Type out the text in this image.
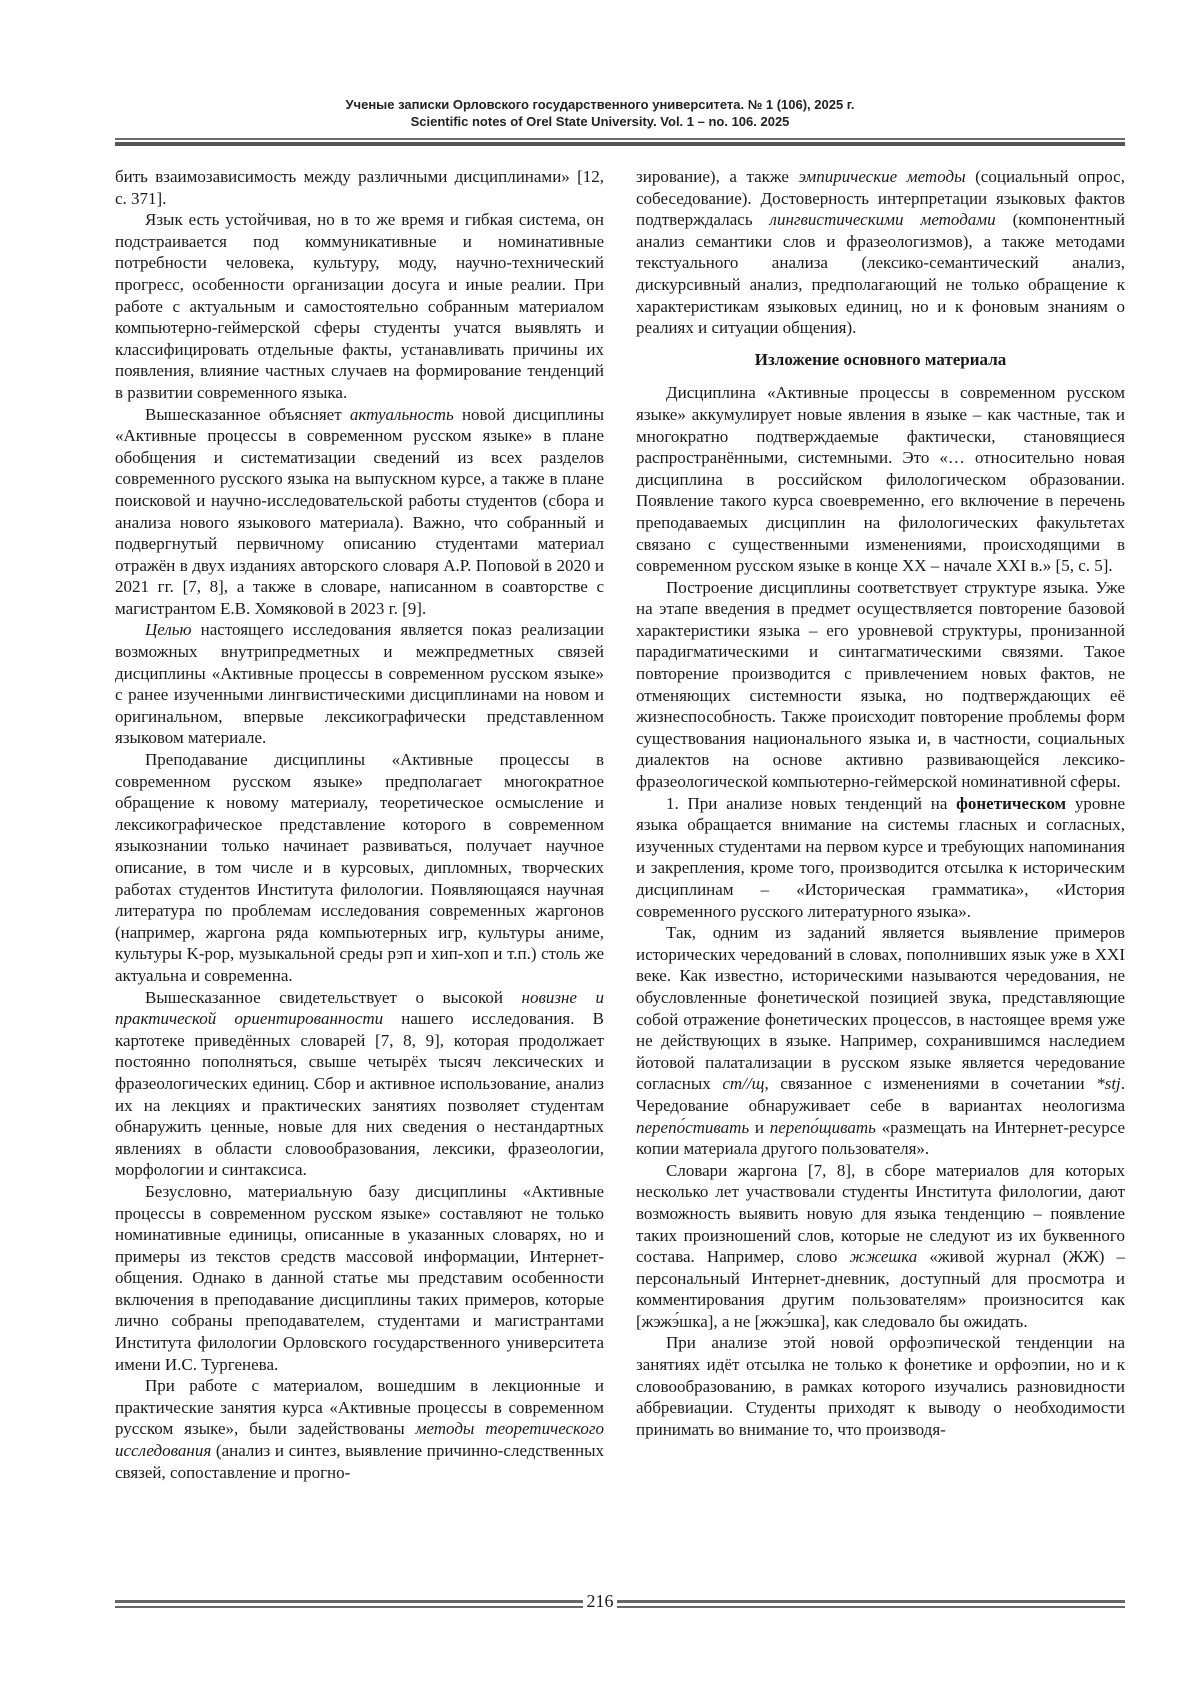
Ученые записки Орловского государственного университета. № 1 (106), 2025 г.
Scientific notes of Orel State University. Vol. 1 – no. 106. 2025

бить взаимозависимость между различными дисциплинами» [12, с. 371].

Язык есть устойчивая, но в то же время и гибкая система, он подстраивается под коммуникативные и номинативные потребности человека, культуру, моду, научно-технический прогресс, особенности организации досуга и иные реалии. При работе с актуальным и самостоятельно собранным материалом компьютерно-геймерской сферы студенты учатся выявлять и классифицировать отдельные факты, устанавливать причины их появления, влияние частных случаев на формирование тенденций в развитии современного языка.

Вышесказанное объясняет актуальность новой дисциплины «Активные процессы в современном русском языке» в плане обобщения и систематизации сведений из всех разделов современного русского языка на выпускном курсе, а также в плане поисковой и научно-исследовательской работы студентов (сбора и анализа нового языкового материала). Важно, что собранный и подвергнутый первичному описанию студентами материал отражён в двух изданиях авторского словаря А.Р. Поповой в 2020 и 2021 гг. [7, 8], а также в словаре, написанном в соавторстве с магистрантом Е.В. Хомяковой в 2023 г. [9].

Целью настоящего исследования является показ реализации возможных внутрипредметных и межпредметных связей дисциплины «Активные процессы в современном русском языке» с ранее изученными лингвистическими дисциплинами на новом и оригинальном, впервые лексикографически представленном языковом материале.

Преподавание дисциплины «Активные процессы в современном русском языке» предполагает многократное обращение к новому материалу, теоретическое осмысление и лексикографическое представление которого в современном языкознании только начинает развиваться, получает научное описание, в том числе и в курсовых, дипломных, творческих работах студентов Института филологии. Появляющаяся научная литература по проблемам исследования современных жаргонов (например, жаргона ряда компьютерных игр, культуры аниме, культуры K-pop, музыкальной среды рэп и хип-хоп и т.п.) столь же актуальна и современна.

Вышесказанное свидетельствует о высокой новизне и практической ориентированности нашего исследования. В картотеке приведённых словарей [7, 8, 9], которая продолжает постоянно пополняться, свыше четырёх тысяч лексических и фразеологических единиц. Сбор и активное использование, анализ их на лекциях и практических занятиях позволяет студентам обнаружить ценные, новые для них сведения о нестандартных явлениях в области словообразования, лексики, фразеологии, морфологии и синтаксиса.

Безусловно, материальную базу дисциплины «Активные процессы в современном русском языке» составляют не только номинативные единицы, описанные в указанных словарях, но и примеры из текстов средств массовой информации, Интернет-общения. Однако в данной статье мы представим особенности включения в преподавание дисциплины таких примеров, которые лично собраны преподавателем, студентами и магистрантами Института филологии Орловского государственного университета имени И.С. Тургенева.

При работе с материалом, вошедшим в лекционные и практические занятия курса «Активные процессы в современном русском языке», были задействованы методы теоретического исследования (анализ и синтез, выявление причинно-следственных связей, сопоставление и прогно-

зирование), а также эмпирические методы (социальный опрос, собеседование). Достоверность интерпретации языковых фактов подтверждалась лингвистическими методами (компонентный анализ семантики слов и фразеологизмов), а также методами текстуального анализа (лексико-семантический анализ, дискурсивный анализ, предполагающий не только обращение к характеристикам языковых единиц, но и к фоновым знаниям о реалиях и ситуации общения).

Изложение основного материала

Дисциплина «Активные процессы в современном русском языке» аккумулирует новые явления в языке – как частные, так и многократно подтверждаемые фактически, становящиеся распространёнными, системными. Это «… относительно новая дисциплина в российском филологическом образовании. Появление такого курса своевременно, его включение в перечень преподаваемых дисциплин на филологических факультетах связано с существенными изменениями, происходящими в современном русском языке в конце XX – начале XXI в.» [5, с. 5].

Построение дисциплины соответствует структуре языка. Уже на этапе введения в предмет осуществляется повторение базовой характеристики языка – его уровневой структуры, пронизанной парадигматическими и синтагматическими связями. Такое повторение производится с привлечением новых фактов, не отменяющих системности языка, но подтверждающих её жизнеспособность. Также происходит повторение проблемы форм существования национального языка и, в частности, социальных диалектов на основе активно развивающейся лексико-фразеологической компьютерно-геймерской номинативной сферы.

1. При анализе новых тенденций на фонетическом уровне языка обращается внимание на системы гласных и согласных, изученных студентами на первом курсе и требующих напоминания и закрепления, кроме того, производится отсылка к историческим дисциплинам – «Историческая грамматика», «История современного русского литературного языка».

Так, одним из заданий является выявление примеров исторических чередований в словах, пополнивших язык уже в XXI веке. Как известно, историческими называются чередования, не обусловленные фонетической позицией звука, представляющие собой отражение фонетических процессов, в настоящее время уже не действующих в языке. Например, сохранившимся наследием йотовой палатализации в русском языке является чередование согласных ст//щ, связанное с изменениями в сочетании *stj. Чередование обнаруживает себе в вариантах неологизма перепо́стивать и перепо́щивать «размещать на Интернет-ресурсе копии материала другого пользователя».

Словари жаргона [7, 8], в сборе материалов для которых несколько лет участвовали студенты Института филологии, дают возможность выявить новую для языка тенденцию – появление таких произношений слов, которые не следуют из их буквенного состава. Например, слово жжешка «живой журнал (ЖЖ) – персональный Интернет-дневник, доступный для просмотра и комментирования другим пользователям» произносится как [жэжэ́шка], а не [жжэ́шка], как следовало бы ожидать.

При анализе этой новой орфоэпической тенденции на занятиях идёт отсылка не только к фонетике и орфоэпии, но и к словообразованию, в рамках которого изучались разновидности аббревиации. Студенты приходят к выводу о необходимости принимать во внимание то, что производя-

216
